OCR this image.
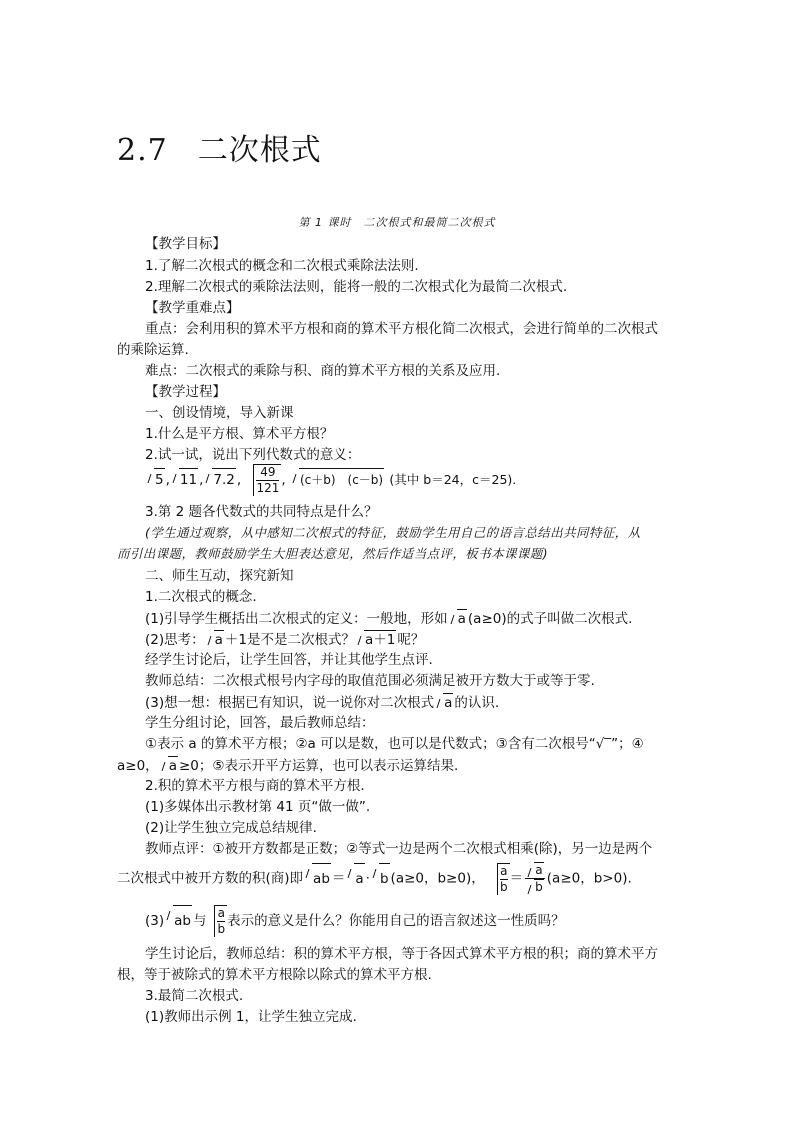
2.7 二次根式
第 1 课时　二次根式和最简二次根式
【教学目标】
1.了解二次根式的概念和二次根式乘除法法则.
2.理解二次根式的乘除法法则，能将一般的二次根式化为最简二次根式.
【教学重难点】
重点：会利用积的算术平方根和商的算术平方根化简二次根式，会进行简单的二次根式
的乘除运算.
难点：二次根式的乘除与积、商的算术平方根的关系及应用.
【教学过程】
一、创设情境，导入新课
1.什么是平方根、算术平方根？
2.试一试，说出下列代数式的意义：
5 , 11 , 7.2 , $\frac{49}{121}$ , (c＋b)　(c－b) (其中 b＝24，c＝25).
3.第 2 题各代数式的共同特点是什么？
(学生通过观察，从中感知二次根式的特征，鼓励学生用自己的语言总结出共同特征，从
而引出课题，教师鼓励学生大胆表达意见，然后作适当点评，板书本课课题)
二、师生互动，探究新知
1.二次根式的概念.
(1)引导学生概括出二次根式的定义：一般地，形如 a (a≥0)的式子叫做二次根式.
(2)思考： a ＋1是不是二次根式？ a＋1 呢？
经学生讨论后，让学生回答，并让其他学生点评.
教师总结：二次根式根号内字母的取值范围必须满足被开方数大于或等于零.
(3)想一想：根据已有知识，说一说你对二次根式 a 的认识.
学生分组讨论，回答，最后教师总结：
①表示 a 的算术平方根；②a 可以是数，也可以是代数式；③含有二次根号“√‾”；④
a≥0， a ≥0；⑤表示开平方运算，也可以表示运算结果.
2.积的算术平方根与商的算术平方根.
(1)多媒体出示教材第 41 页“做一做”.
(2)让学生独立完成总结规律.
教师点评：①被开方数都是正数；②等式一边是两个二次根式相乘(除)，另一边是两个
二次根式中被开方数的积(商)即 ab ＝ a · b (a≥0，b≥0)， $\frac{a}{b} = \frac{a}{b} (a\ge 0$，b>0).
(3) ab 与 $\frac{a}{b}$ 表示的意义是什么？你能用自己的语言叙述这一性质吗？
学生讨论后，教师总结：积的算术平方根，等于各因式算术平方根的积；商的算术平方
根，等于被除式的算术平方根除以除式的算术平方根.
3.最简二次根式.
(1)教师出示例 1，让学生独立完成.
